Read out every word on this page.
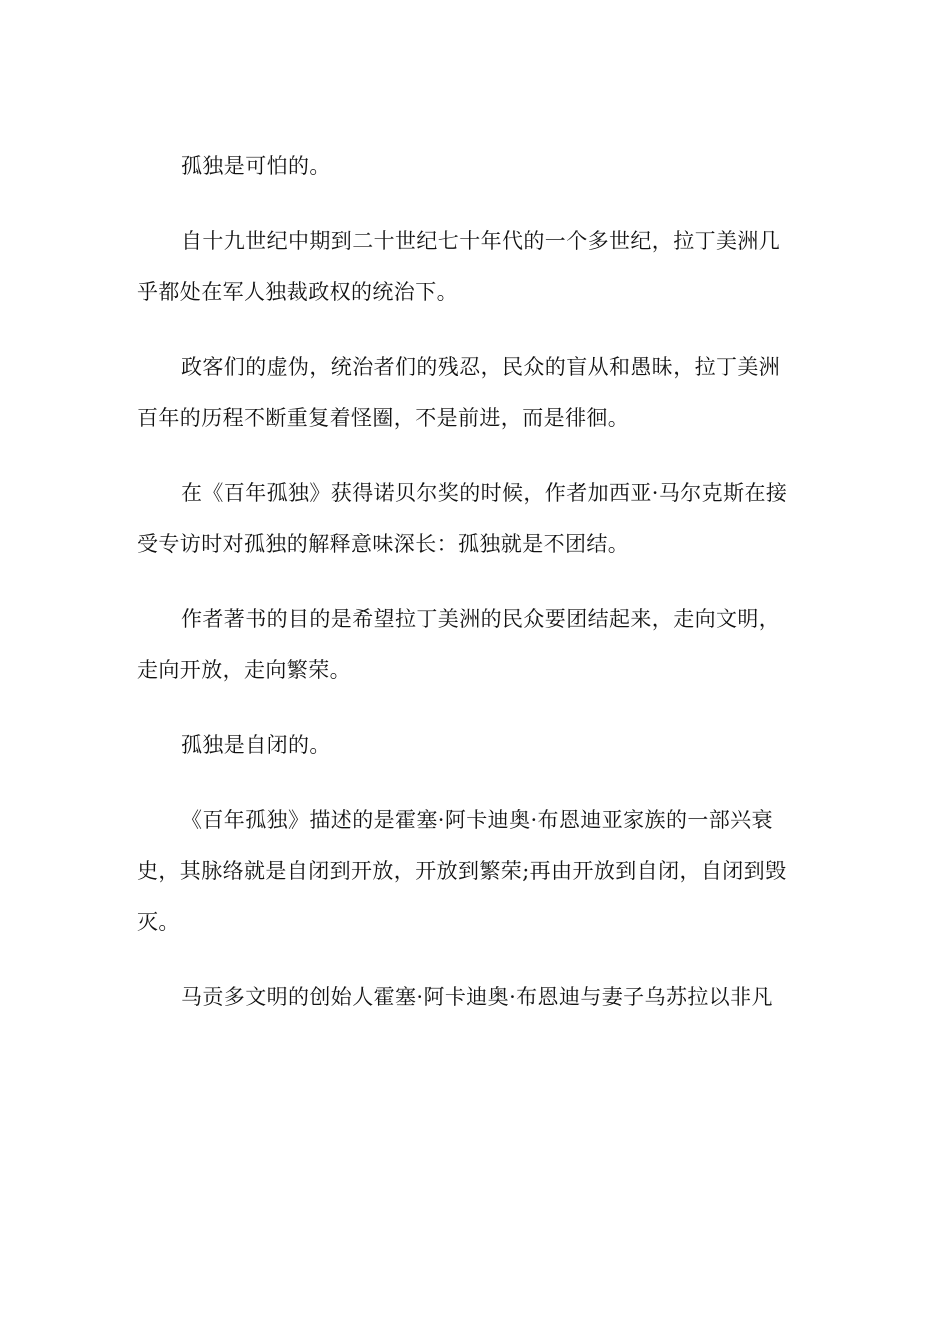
孤独是可怕的。

自十九世纪中期到二十世纪七十年代的一个多世纪，拉丁美洲几
乎都处在军人独裁政权的统治下。

政客们的虚伪，统治者们的残忍，民众的盲从和愚昧，拉丁美洲
百年的历程不断重复着怪圈，不是前进，而是徘徊。

在《百年孤独》获得诺贝尔奖的时候，作者加西亚·马尔克斯在接
受专访时对孤独的解释意味深长：孤独就是不团结。

作者著书的目的是希望拉丁美洲的民众要团结起来，走向文明，
走向开放，走向繁荣。

孤独是自闭的。

《百年孤独》描述的是霍塞·阿卡迪奥·布恩迪亚家族的一部兴衰
史，其脉络就是自闭到开放，开放到繁荣;再由开放到自闭，自闭到毁
灭。

马贡多文明的创始人霍塞·阿卡迪奥·布恩迪与妻子乌苏拉以非凡
